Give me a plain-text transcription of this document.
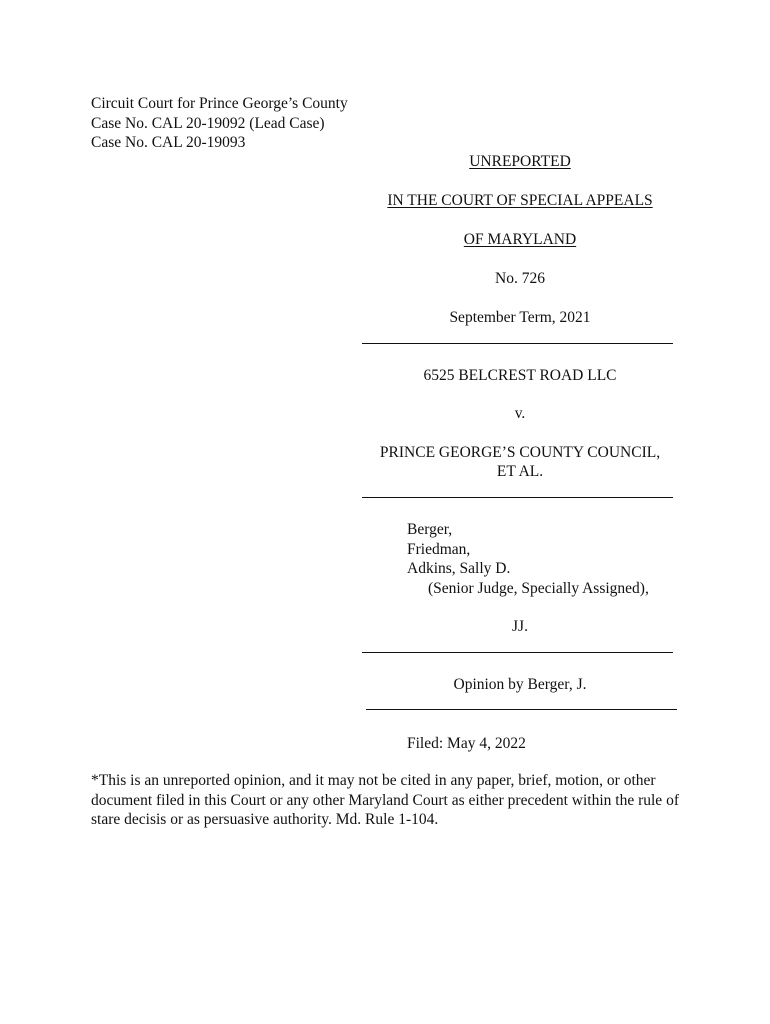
Circuit Court for Prince George’s County
Case No. CAL 20-19092 (Lead Case)
Case No. CAL 20-19093
UNREPORTED
IN THE COURT OF SPECIAL APPEALS
OF MARYLAND
No. 726
September Term, 2021
6525 BELCREST ROAD LLC
v.
PRINCE GEORGE’S COUNTY COUNCIL,
ET AL.
JJ.
Opinion by Berger, J.
Berger,
Friedman,
Adkins, Sally D.
(Senior Judge, Specially Assigned),
Filed: May 4, 2022
*This is an unreported opinion, and it may not be cited in any paper, brief, motion, or other document filed in this Court or any other Maryland Court as either precedent within the rule of stare decisis or as persuasive authority. Md. Rule 1-104.
